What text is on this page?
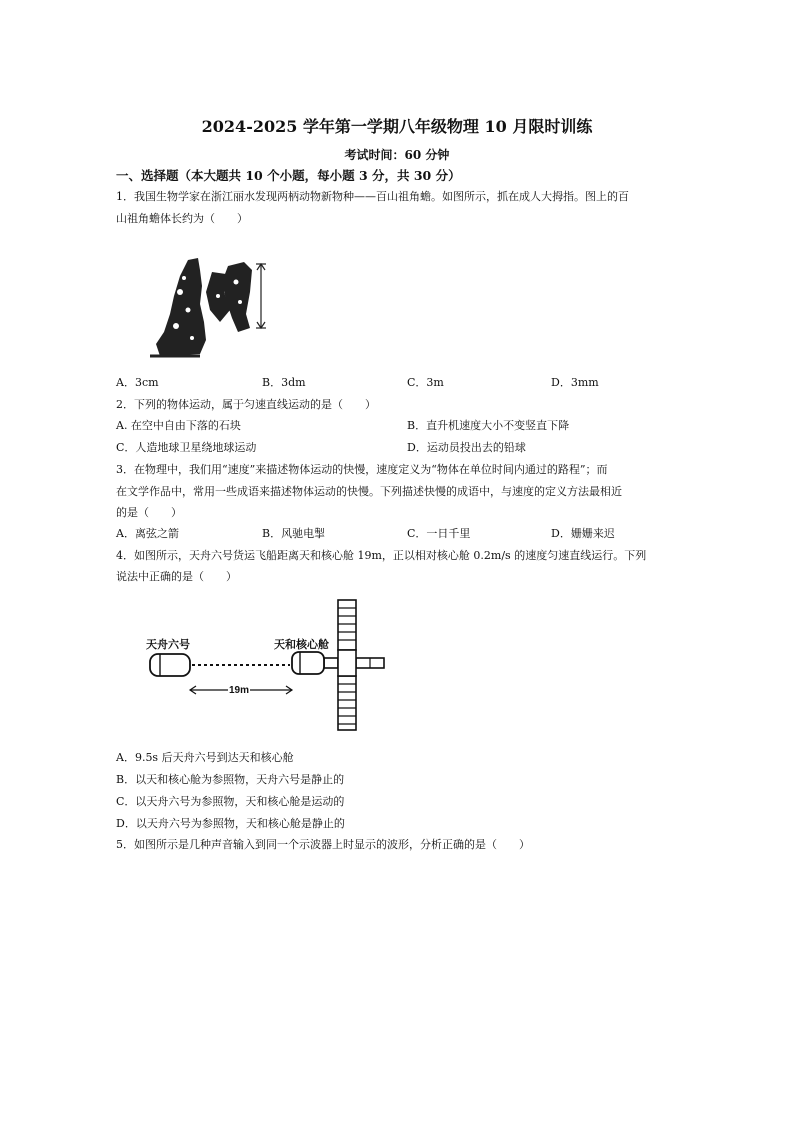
2024-2025 学年第一学期八年级物理 10 月限时训练
考试时间：60 分钟
一、选择题（本大题共 10 个小题，每小题 3 分，共 30 分）
1．我国生物学家在浙江丽水发现两柄动物新物种——百山祖角蟾。如图所示，抓在成人大拇指。图上的百
山祖角蟾体长约为（　　）
A．3cm	B．3dm	C．3m	D．3mm
2．下列的物体运动，属于匀速直线运动的是（　　）
A. 在空中自由下落的石块	B．直升机速度大小不变竖直下降
C．人造地球卫星绕地球运动	D．运动员投出去的铅球
3．在物理中，我们用“速度”来描述物体运动的快慢，速度定义为“物体在单位时间内通过的路程”；而
在文学作品中，常用一些成语来描述物体运动的快慢。下列描述快慢的成语中，与速度的定义方法最相近
的是（　　）
A．离弦之箭	B．风驰电掣	C．一日千里	D．姗姗来迟
4．如图所示，天舟六号货运飞船距离天和核心舱 19m，正以相对核心舱 0.2m/s 的速度匀速直线运行。下列
说法中正确的是（　　）
19m
天舟六号	天和核心舱
A．9.5s 后天舟六号到达天和核心舱
B．以天和核心舱为参照物，天舟六号是静止的
C．以天舟六号为参照物，天和核心舱是运动的
D．以天舟六号为参照物，天和核心舱是静止的
5．如图所示是几种声音输入到同一个示波器上时显示的波形，分析正确的是（　　）
